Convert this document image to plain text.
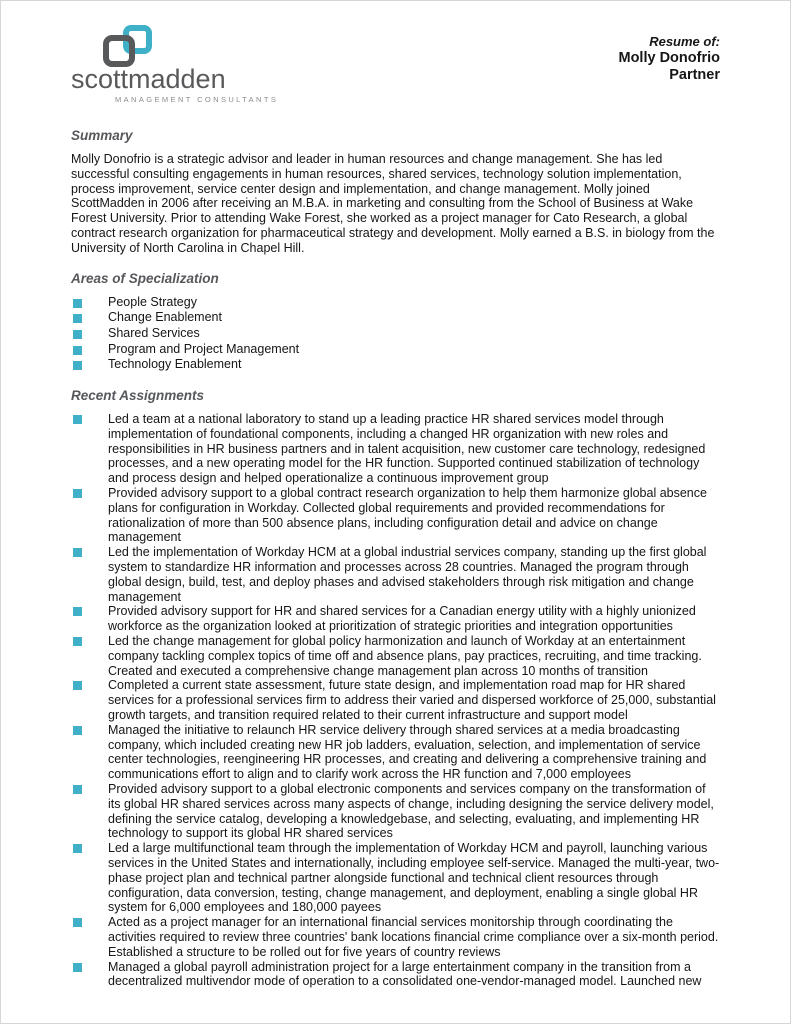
scottmadden
MANAGEMENT CONSULTANTS
Resume of:
Molly Donofrio
Partner
Summary

Molly Donofrio is a strategic advisor and leader in human resources and change management. She has led successful consulting engagements in human resources, shared services, technology solution implementation, process improvement, service center design and implementation, and change management. Molly joined ScottMadden in 2006 after receiving an M.B.A. in marketing and consulting from the School of Business at Wake Forest University. Prior to attending Wake Forest, she worked as a project manager for Cato Research, a global contract research organization for pharmaceutical strategy and development. Molly earned a B.S. in biology from the University of North Carolina in Chapel Hill.

Areas of Specialization
People Strategy
Change Enablement
Shared Services
Program and Project Management
Technology Enablement
Recent Assignments
Led a team at a national laboratory to stand up a leading practice HR shared services model through implementation of foundational components, including a changed HR organization with new roles and responsibilities in HR business partners and in talent acquisition, new customer care technology, redesigned processes, and a new operating model for the HR function. Supported continued stabilization of technology and process design and helped operationalize a continuous improvement group
Provided advisory support to a global contract research organization to help them harmonize global absence plans for configuration in Workday. Collected global requirements and provided recommendations for rationalization of more than 500 absence plans, including configuration detail and advice on change management
Led the implementation of Workday HCM at a global industrial services company, standing up the first global system to standardize HR information and processes across 28 countries. Managed the program through global design, build, test, and deploy phases and advised stakeholders through risk mitigation and change management
Provided advisory support for HR and shared services for a Canadian energy utility with a highly unionized workforce as the organization looked at prioritization of strategic priorities and integration opportunities
Led the change management for global policy harmonization and launch of Workday at an entertainment company tackling complex topics of time off and absence plans, pay practices, recruiting, and time tracking. Created and executed a comprehensive change management plan across 10 months of transition
Completed a current state assessment, future state design, and implementation road map for HR shared services for a professional services firm to address their varied and dispersed workforce of 25,000, substantial growth targets, and transition required related to their current infrastructure and support model
Managed the initiative to relaunch HR service delivery through shared services at a media broadcasting company, which included creating new HR job ladders, evaluation, selection, and implementation of service center technologies, reengineering HR processes, and creating and delivering a comprehensive training and communications effort to align and to clarify work across the HR function and 7,000 employees
Provided advisory support to a global electronic components and services company on the transformation of its global HR shared services across many aspects of change, including designing the service delivery model, defining the service catalog, developing a knowledgebase, and selecting, evaluating, and implementing HR technology to support its global HR shared services
Led a large multifunctional team through the implementation of Workday HCM and payroll, launching various services in the United States and internationally, including employee self-service. Managed the multi-year, two-phase project plan and technical partner alongside functional and technical client resources through configuration, data conversion, testing, change management, and deployment, enabling a single global HR system for 6,000 employees and 180,000 payees
Acted as a project manager for an international financial services monitorship through coordinating the activities required to review three countries' bank locations financial crime compliance over a six-month period. Established a structure to be rolled out for five years of country reviews
Managed a global payroll administration project for a large entertainment company in the transition from a decentralized multivendor mode of operation to a consolidated one-vendor-managed model. Launched new
